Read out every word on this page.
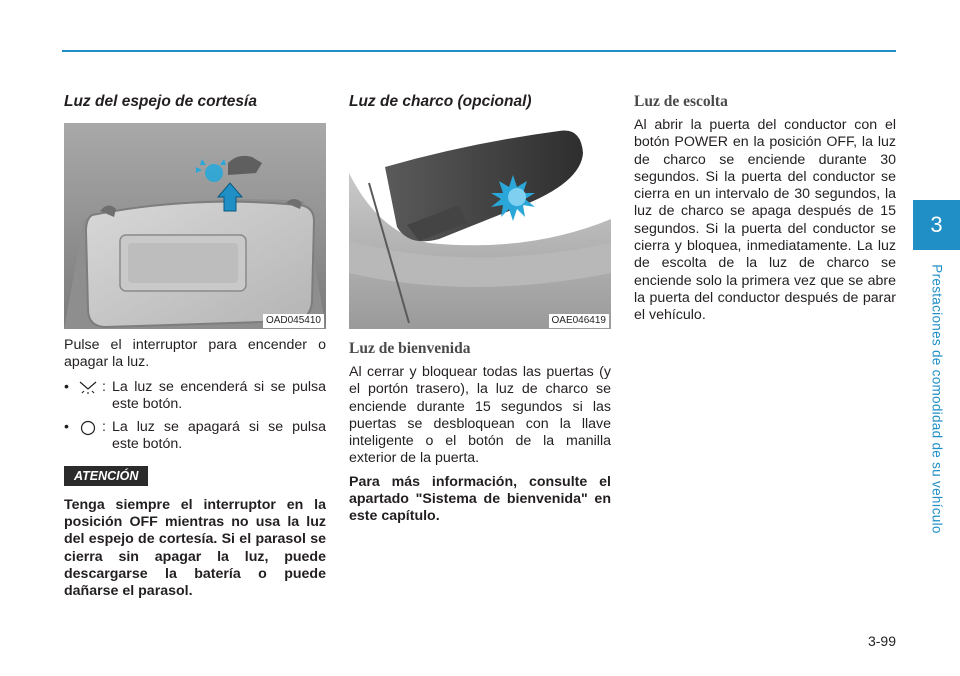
Luz del espejo de cortesía
OAD045410

Pulse el interruptor para encender o apagar la luz.

•	: La luz se encenderá si se pulsa este botón.
•	: La luz se apagará si se pulsa este botón.
ATENCIÓN

Tenga siempre el interruptor en la posición OFF mientras no usa la luz del espejo de cortesía. Si el parasol se cierra sin apagar la luz, puede descargarse la batería o puede dañarse el parasol.

Luz de charco (opcional)
OAE046419
Luz de bienvenida

Al cerrar y bloquear todas las puertas (y el portón trasero), la luz de charco se enciende durante 15 segundos si las puertas se desbloquean con la llave inteligente o el botón de la manilla exterior de la puerta.

Para más información, consulte el apartado "Sistema de bienvenida" en este capítulo.

Luz de escolta

Al abrir la puerta del conductor con el botón POWER en la posición OFF, la luz de charco se enciende durante 30 segundos. Si la puerta del conductor se cierra en un intervalo de 30 segundos, la luz de charco se apaga después de 15 segundos. Si la puerta del conductor se cierra y bloquea, inmediatamente. La luz de escolta de la luz de charco se enciende solo la primera vez que se abre la puerta del conductor después de parar el vehículo.

3
Prestaciones de comodidad de su vehículo
3-99
